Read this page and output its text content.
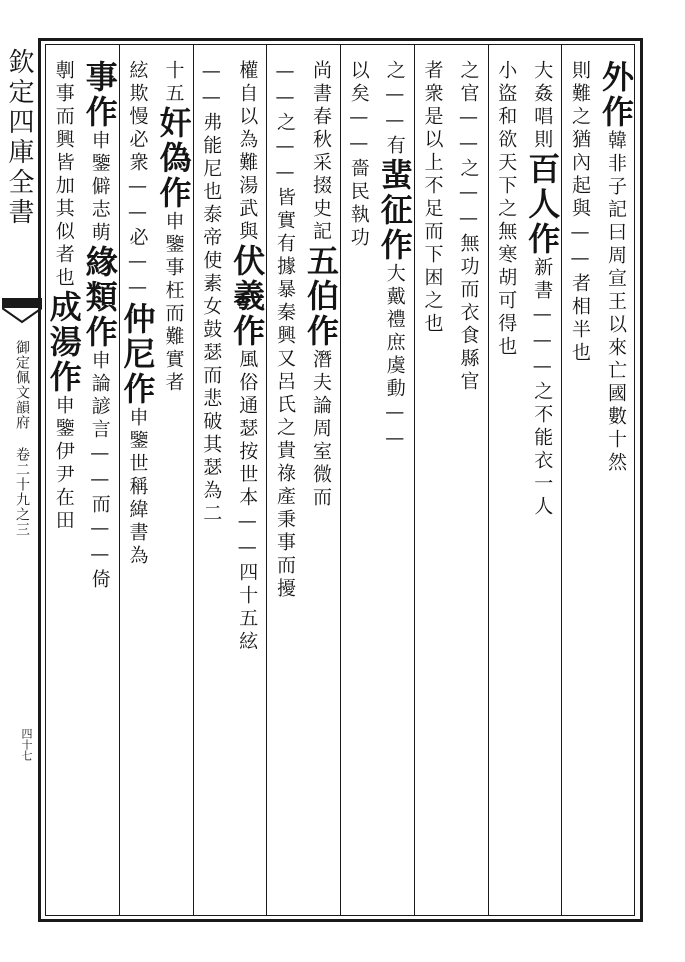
欽定四庫全書
御定佩文韻府 卷二十九之三
四十七
外作韓非子記曰周宣王以來亡國數十然
則難之猶內起與——者相半也
大姦唱則百人作新書———之不能衣一人
小盜和欲天下之無寒胡可得也
之官——之——無功而衣食縣官
者衆是以上不足而下困之也
之——有蜚征作大戴禮庶虞動——
以矣——嗇民執功
尚書春秋采掇史記五伯作潛夫論周室微而
——之——皆實有據暴秦興又呂氏之貴祿產秉事而擾
權自以為難湯武與伏羲作風俗通瑟按世本——四十五絃
——弗能尼也泰帝使素女鼓瑟而悲破其瑟為二
十五奸偽作申鑒事枉而難實者
絃欺慢必衆——必——仲尼作申鑒世稱緯書為
事作申鑒僻志萌緣類作申論諺言——而——倚
剸事而興皆加其似者也成湯作申鑒伊尹在田
